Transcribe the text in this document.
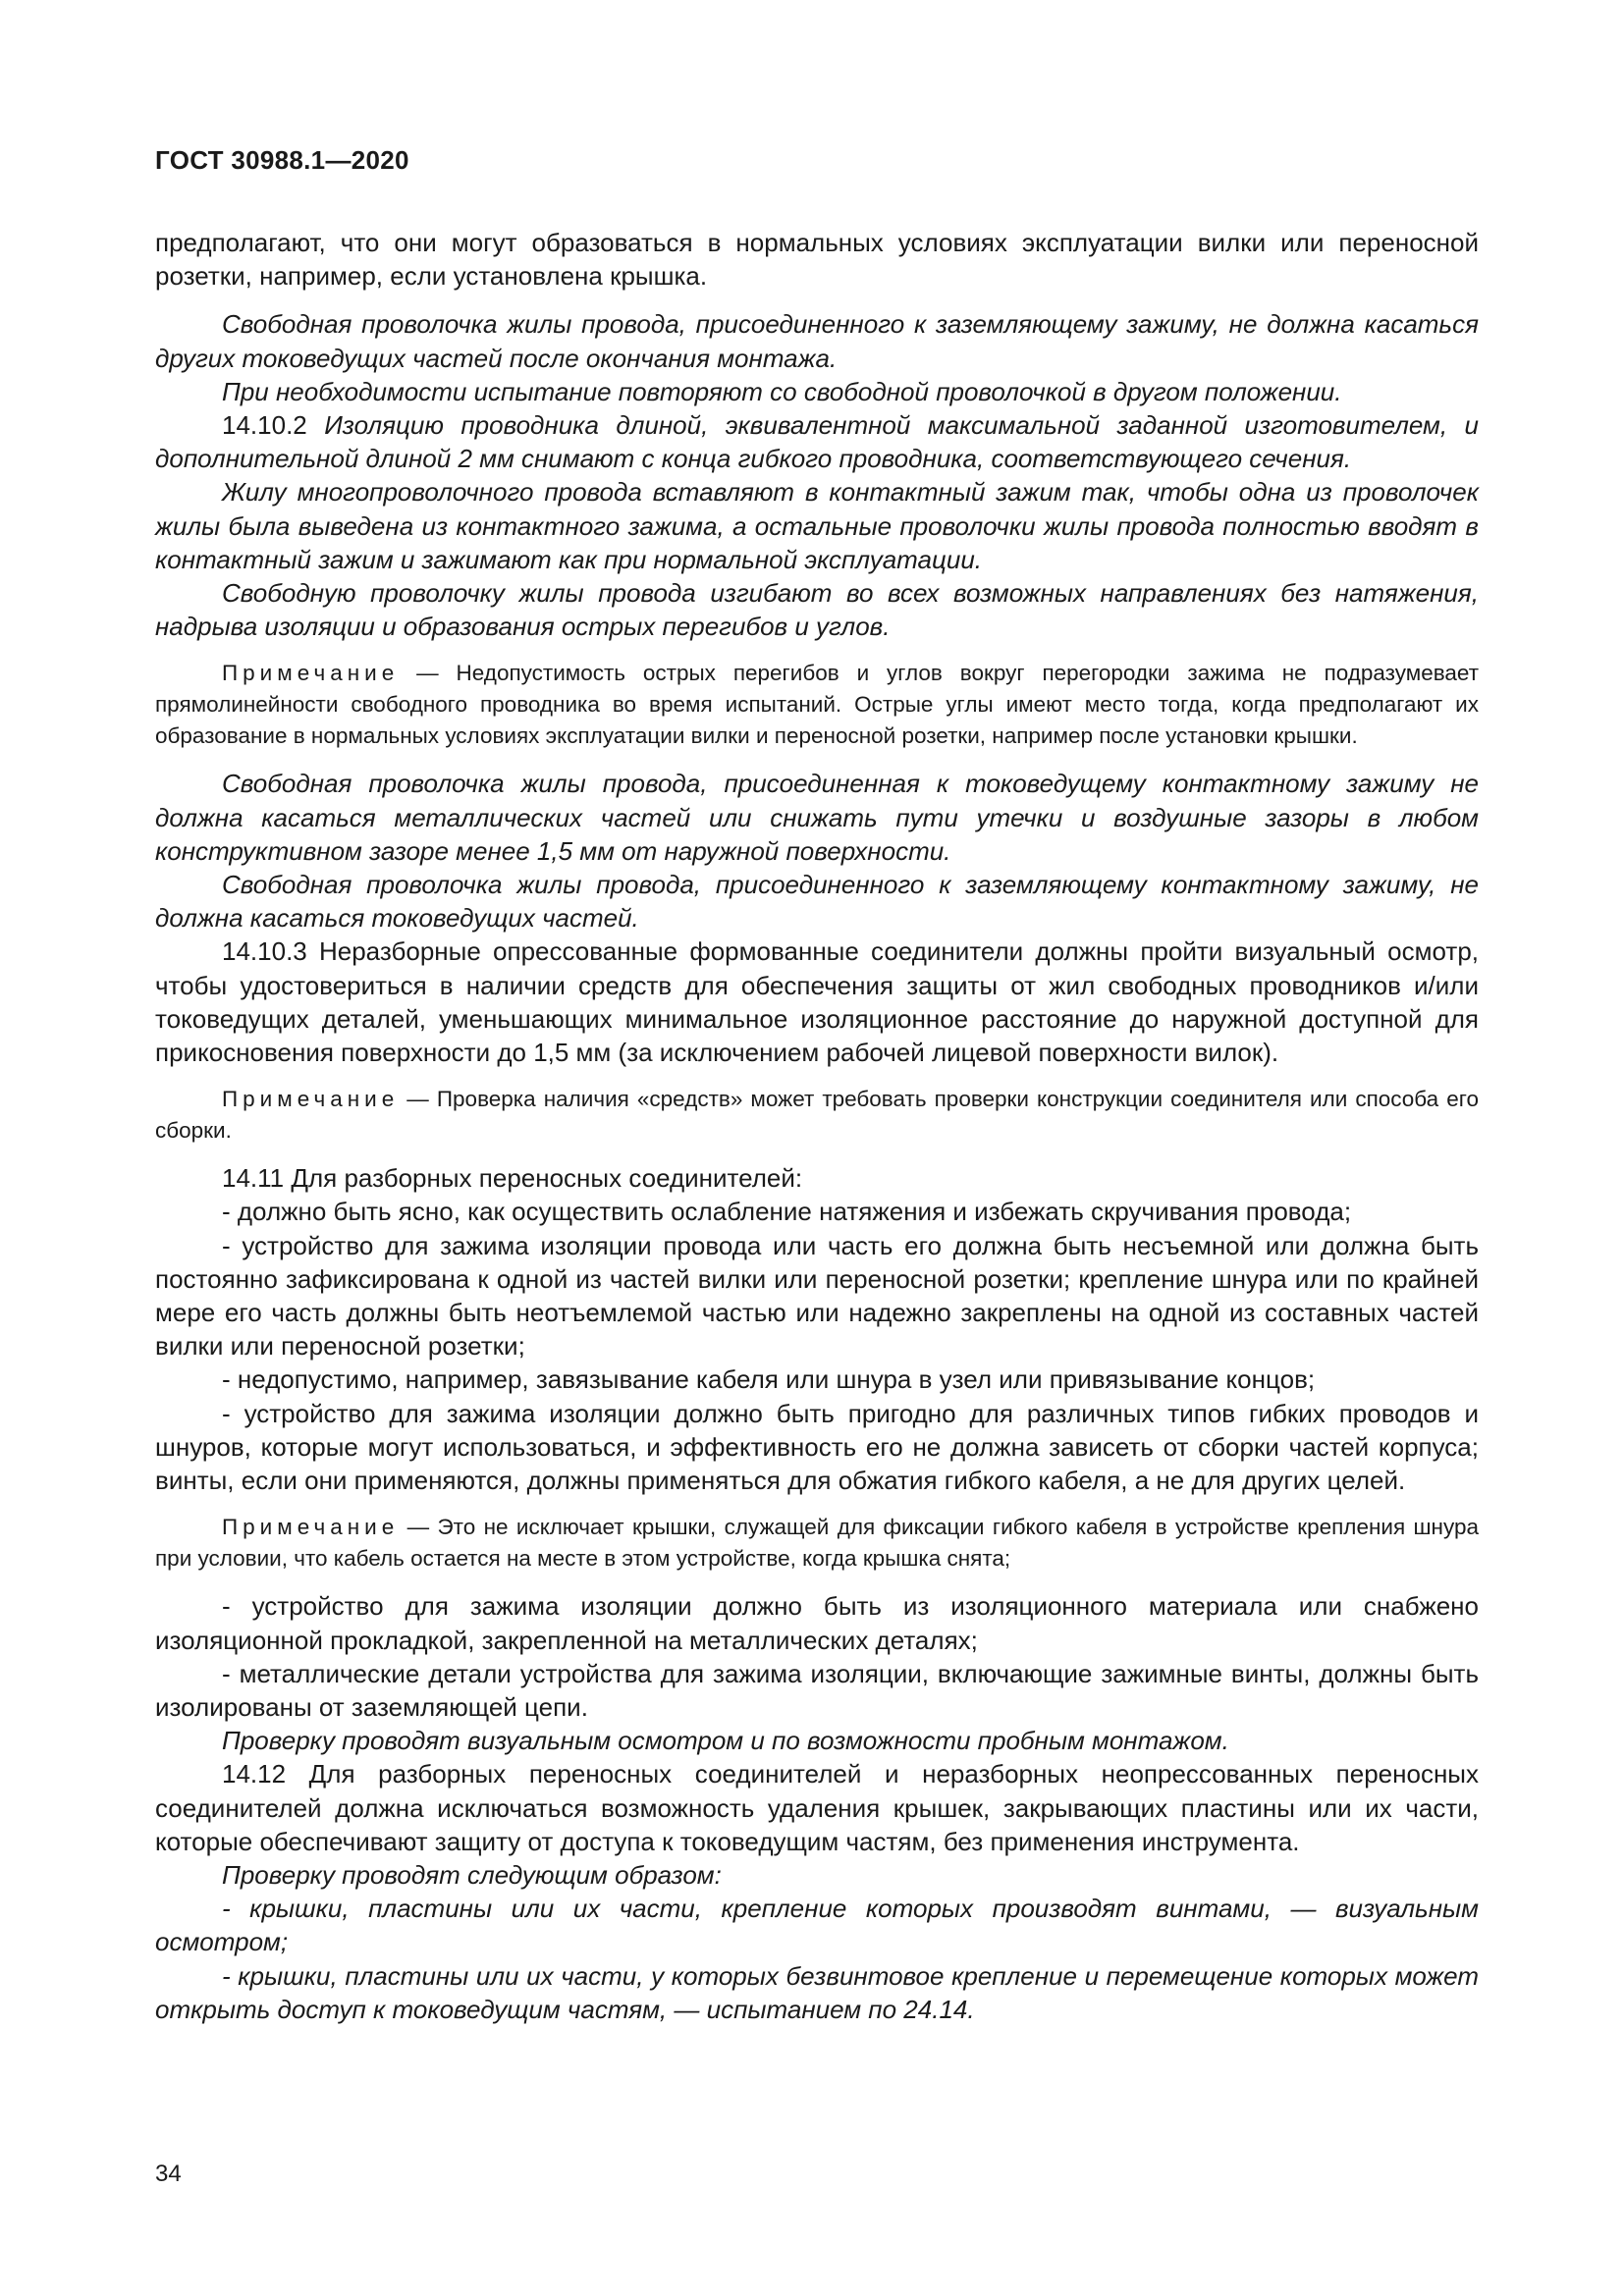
ГОСТ 30988.1—2020

предполагают, что они могут образоваться в нормальных условиях эксплуатации вилки или переносной розетки, например, если установлена крышка.

Свободная проволочка жилы провода, присоединенного к заземляющему зажиму, не должна касаться других токоведущих частей после окончания монтажа.

При необходимости испытание повторяют со свободной проволочкой в другом положении.

14.10.2 Изоляцию проводника длиной, эквивалентной максимальной заданной изготовителем, и дополнительной длиной 2 мм снимают с конца гибкого проводника, соответствующего сечения.

Жилу многопроволочного провода вставляют в контактный зажим так, чтобы одна из проволочек жилы была выведена из контактного зажима, а остальные проволочки жилы провода полностью вводят в контактный зажим и зажимают как при нормальной эксплуатации.

Свободную проволочку жилы провода изгибают во всех возможных направлениях без натяжения, надрыва изоляции и образования острых перегибов и углов.

Примечание — Недопустимость острых перегибов и углов вокруг перегородки зажима не подразумевает прямолинейности свободного проводника во время испытаний. Острые углы имеют место тогда, когда предполагают их образование в нормальных условиях эксплуатации вилки и переносной розетки, например после установки крышки.

Свободная проволочка жилы провода, присоединенная к токоведущему контактному зажиму не должна касаться металлических частей или снижать пути утечки и воздушные зазоры в любом конструктивном зазоре менее 1,5 мм от наружной поверхности.

Свободная проволочка жилы провода, присоединенного к заземляющему контактному зажиму, не должна касаться токоведущих частей.

14.10.3 Неразборные опрессованные формованные соединители должны пройти визуальный осмотр, чтобы удостовериться в наличии средств для обеспечения защиты от жил свободных проводников и/или токоведущих деталей, уменьшающих минимальное изоляционное расстояние до наружной доступной для прикосновения поверхности до 1,5 мм (за исключением рабочей лицевой поверхности вилок).

Примечание — Проверка наличия «средств» может требовать проверки конструкции соединителя или способа его сборки.

14.11 Для разборных переносных соединителей:

- должно быть ясно, как осуществить ослабление натяжения и избежать скручивания провода;

- устройство для зажима изоляции провода или часть его должна быть несъемной или должна быть постоянно зафиксирована к одной из частей вилки или переносной розетки; крепление шнура или по крайней мере его часть должны быть неотъемлемой частью или надежно закреплены на одной из составных частей вилки или переносной розетки;

- недопустимо, например, завязывание кабеля или шнура в узел или привязывание концов;

- устройство для зажима изоляции должно быть пригодно для различных типов гибких проводов и шнуров, которые могут использоваться, и эффективность его не должна зависеть от сборки частей корпуса; винты, если они применяются, должны применяться для обжатия гибкого кабеля, а не для других целей.

Примечание — Это не исключает крышки, служащей для фиксации гибкого кабеля в устройстве крепления шнура при условии, что кабель остается на месте в этом устройстве, когда крышка снята;

- устройство для зажима изоляции должно быть из изоляционного материала или снабжено изоляционной прокладкой, закрепленной на металлических деталях;

- металлические детали устройства для зажима изоляции, включающие зажимные винты, должны быть изолированы от заземляющей цепи.

Проверку проводят визуальным осмотром и по возможности пробным монтажом.

14.12 Для разборных переносных соединителей и неразборных неопрессованных переносных соединителей должна исключаться возможность удаления крышек, закрывающих пластины или их части, которые обеспечивают защиту от доступа к токоведущим частям, без применения инструмента.

Проверку проводят следующим образом:

- крышки, пластины или их части, крепление которых производят винтами, — визуальным осмотром;

- крышки, пластины или их части, у которых безвинтовое крепление и перемещение которых может открыть доступ к токоведущим частям, — испытанием по 24.14.

34
